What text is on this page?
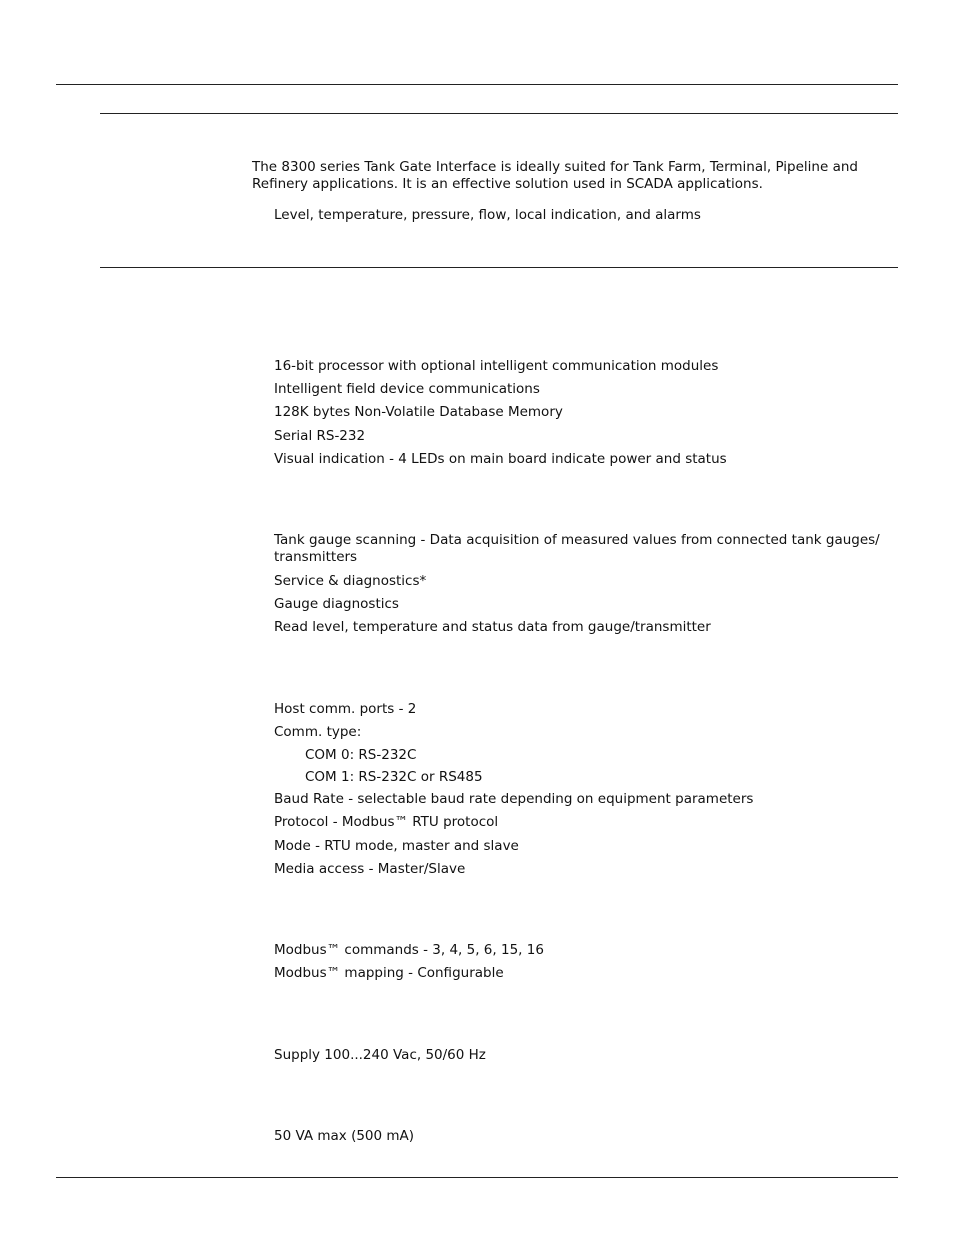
The 8300 series Tank Gate Interface is ideally suited for Tank Farm, Terminal, Pipeline and Refinery applications. It is an effective solution used in SCADA applications.
Level, temperature, pressure, flow, local indication, and alarms
16-bit processor with optional intelligent communication modules
Intelligent field device communications
128K bytes Non-Volatile Database Memory
Serial RS-232
Visual indication - 4 LEDs on main board indicate power and status
Tank gauge scanning - Data acquisition of measured values from connected tank gauges/ transmitters
Service & diagnostics*
Gauge diagnostics
Read level, temperature and status data from gauge/transmitter
Host comm. ports - 2
Comm. type:
COM 0: RS-232C
COM 1: RS-232C or RS485
Baud Rate - selectable baud rate depending on equipment parameters
Protocol - Modbus™ RTU protocol
Mode - RTU mode, master and slave
Media access - Master/Slave
Modbus™ commands - 3, 4, 5, 6, 15, 16
Modbus™ mapping - Configurable
Supply 100...240 Vac, 50/60 Hz
50 VA max (500 mA)
